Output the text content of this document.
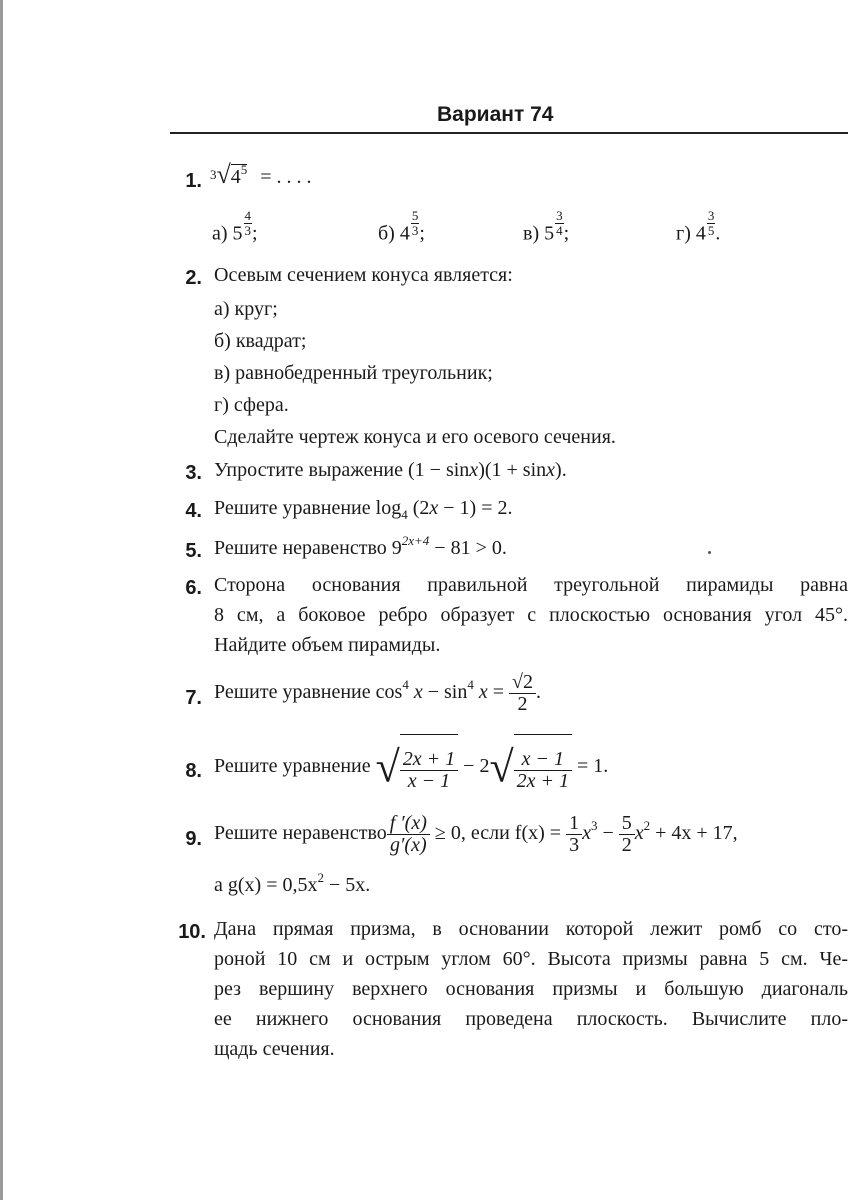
Вариант 74
1. $^3√4^5$ = . . . .
а) $5 \frac{4}{3}$ ;	б) $4 \frac{5}{3}$ ;	в) $5 \frac{3}{4}$ ;	г) $4 \frac{3}{5}$ .
2. Осевым сечением конуса является:
а) круг;
б) квадрат;
в) равнобедренный треугольник;
г) сфера.
Сделайте чертеж конуса и его осевого сечения.
3. Упростите выражение (1 − sinx)(1 + sinx).
4. Решите уравнение $\log_4 (2x - 1) = 2$.
5. Решите неравенство $9^{2x+4} - 81 > 0$.
6. Сторона основания правильной треугольной пирамиды равна
8 см, а боковое ребро образует с плоскостью основания угол 45°.
Найдите объем пирамиды.
7. Решите уравнение $\cos^4 x - \sin^4 x = \frac{√2}{2}$ .
8. Решите уравнение √ $\frac{2x + 1}{x - 1} - 2√ \frac{x - 1}{2x + 1} = 1$.
9. Решите неравенство $\frac{f '(x)}{g'(x)} \ge 0$, если $f(x) = \frac{1}{3} x^3 - \frac{5}{2} x^2 + 4x + 17$,
а $g(x) = 0,5x^2 - 5x$.
10. Дана прямая призма, в основании которой лежит ромб со сто-
роной 10 см и острым углом 60°. Высота призмы равна 5 см. Че-
рез вершину верхнего основания призмы и большую диагональ
ее нижнего основания проведена плоскость. Вычислите пло-
щадь сечения.
